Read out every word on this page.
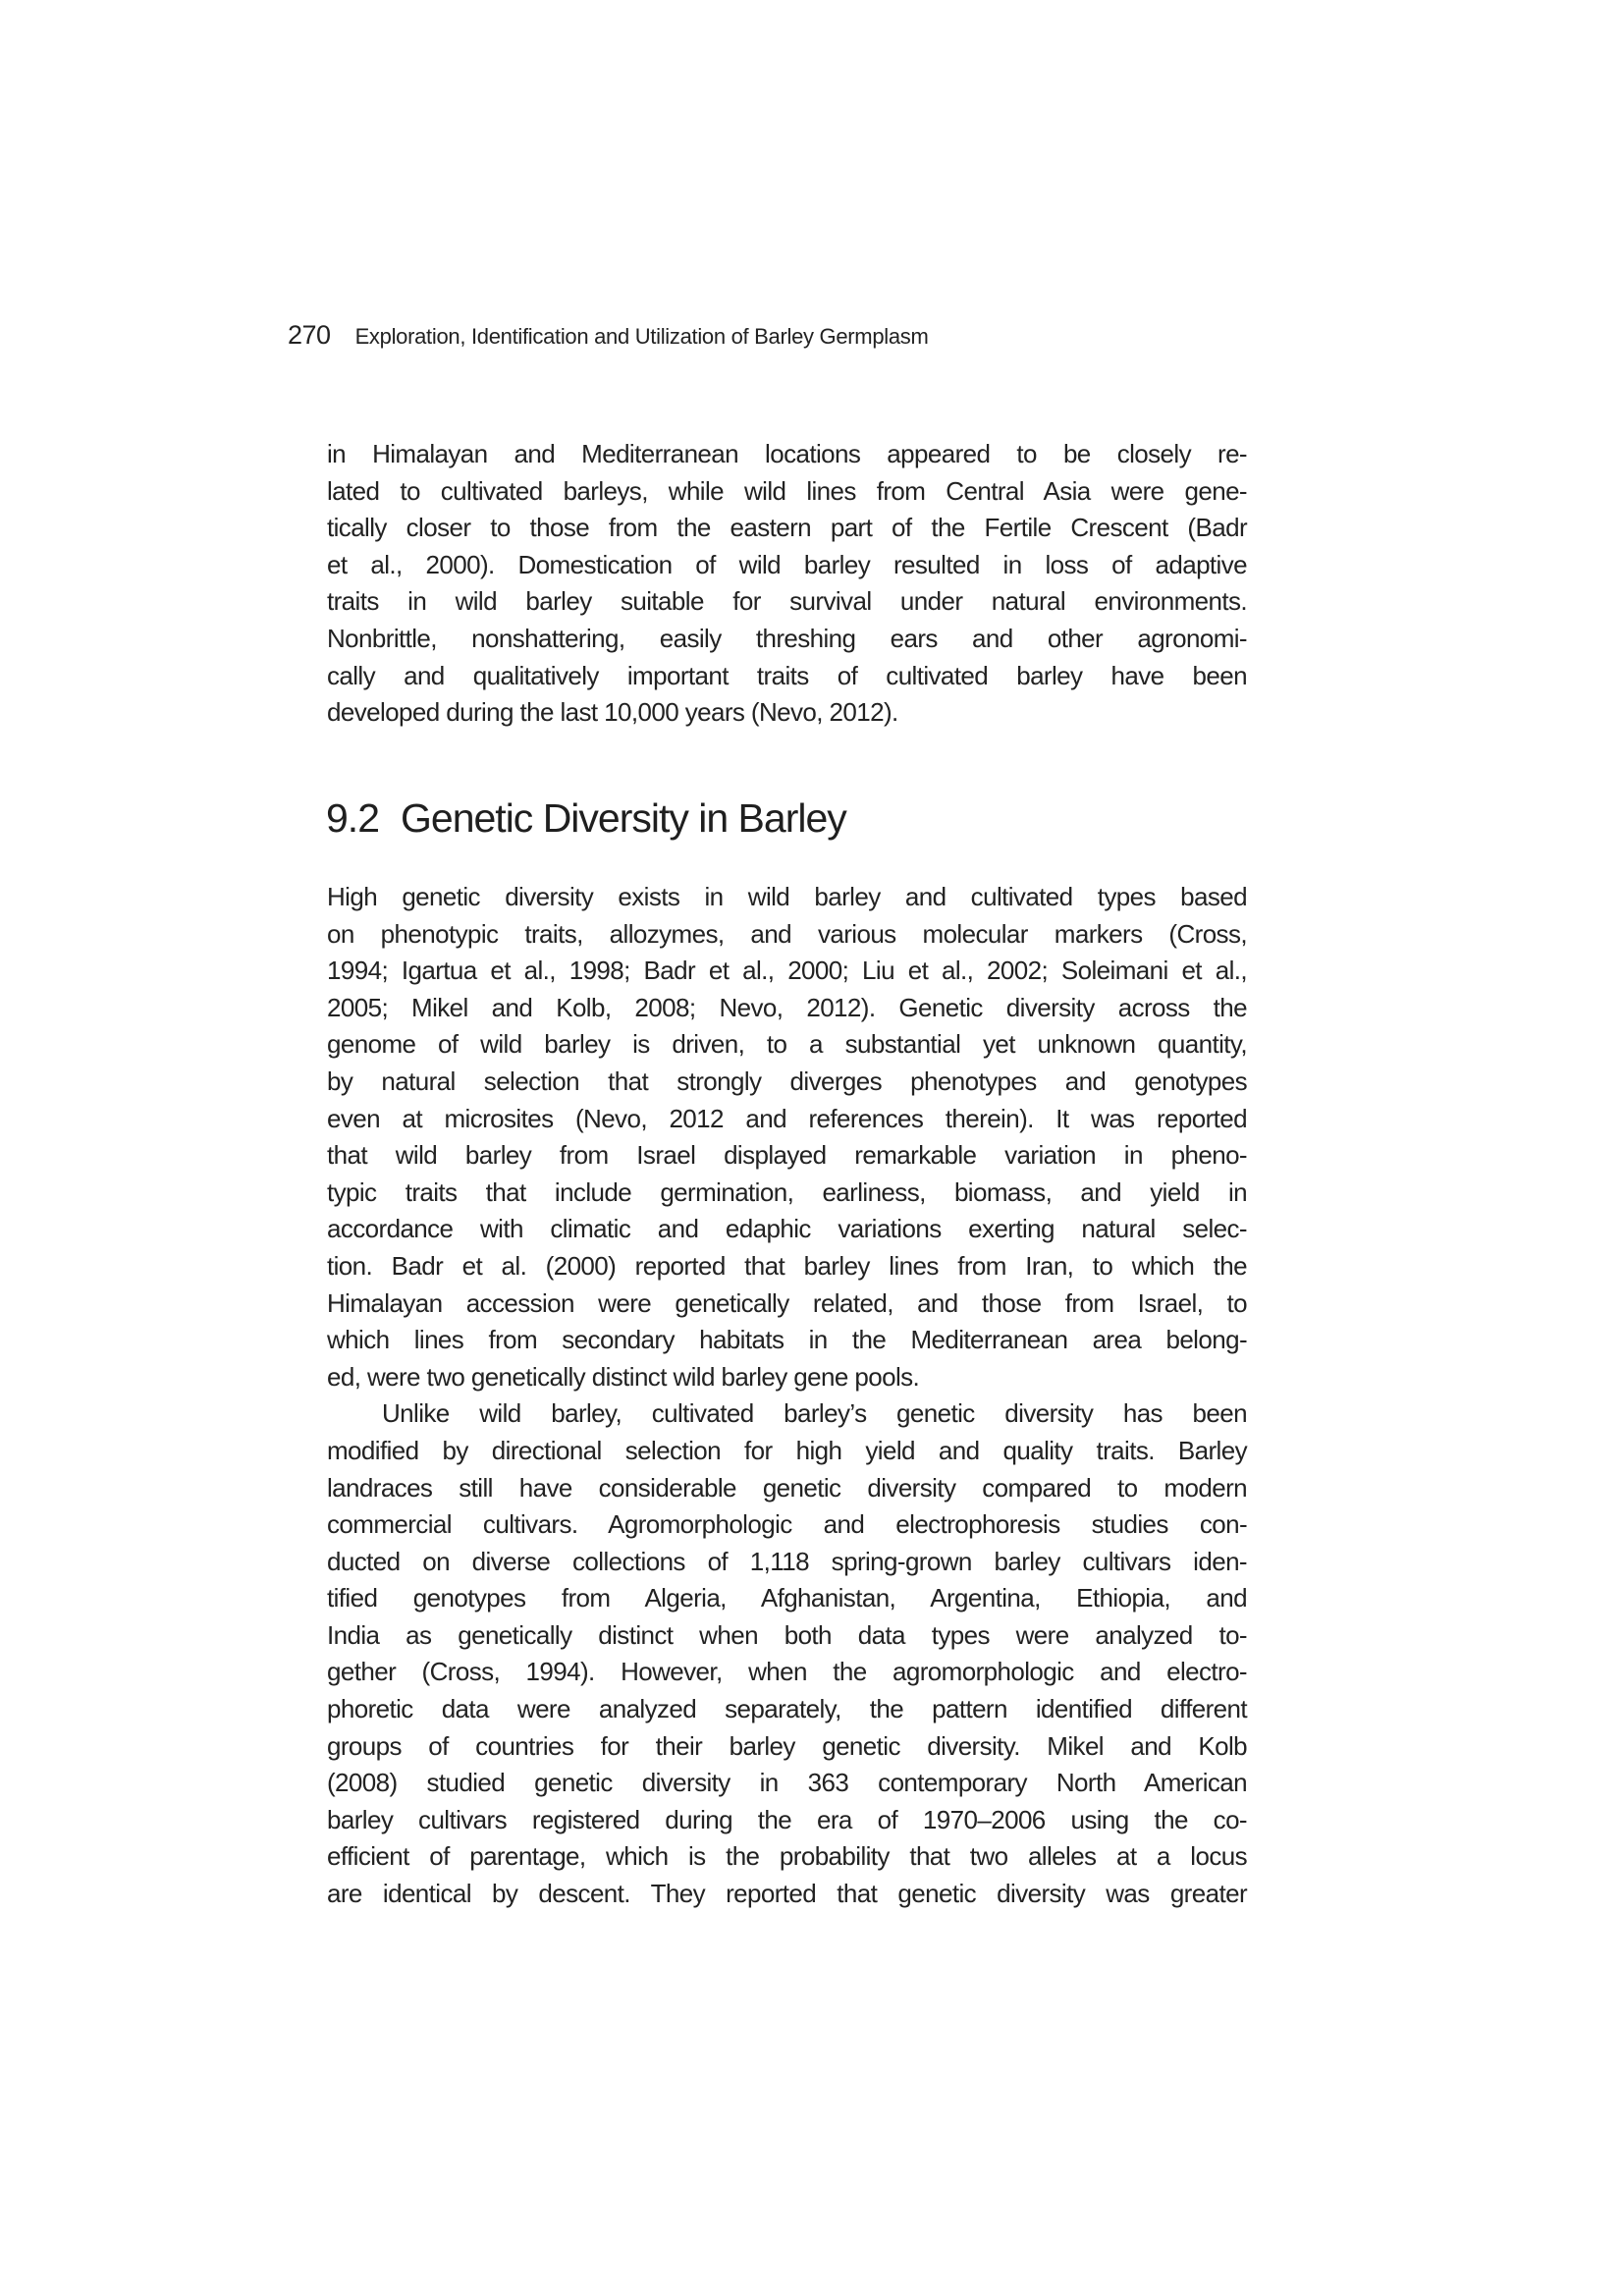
270 Exploration, Identification and Utilization of Barley Germplasm
in Himalayan and Mediterranean locations appeared to be closely re-
lated to cultivated barleys, while wild lines from Central Asia were gene-
tically closer to those from the eastern part of the Fertile Crescent (Badr
et al., 2000). Domestication of wild barley resulted in loss of adaptive
traits in wild barley suitable for survival under natural environments.
Nonbrittle, nonshattering, easily threshing ears and other agronomi-
cally and qualitatively important traits of cultivated barley have been
developed during the last 10,000 years (Nevo, 2012).
9.2 Genetic Diversity in Barley
High genetic diversity exists in wild barley and cultivated types based
on phenotypic traits, allozymes, and various molecular markers (Cross,
1994; Igartua et al., 1998; Badr et al., 2000; Liu et al., 2002; Soleimani et al.,
2005; Mikel and Kolb, 2008; Nevo, 2012). Genetic diversity across the
genome of wild barley is driven, to a substantial yet unknown quantity,
by natural selection that strongly diverges phenotypes and genotypes
even at microsites (Nevo, 2012 and references therein). It was reported
that wild barley from Israel displayed remarkable variation in pheno-
typic traits that include germination, earliness, biomass, and yield in
accordance with climatic and edaphic variations exerting natural selec-
tion. Badr et al. (2000) reported that barley lines from Iran, to which the
Himalayan accession were genetically related, and those from Israel, to
which lines from secondary habitats in the Mediterranean area belong-
ed, were two genetically distinct wild barley gene pools.
Unlike wild barley, cultivated barley’s genetic diversity has been
modified by directional selection for high yield and quality traits. Barley
landraces still have considerable genetic diversity compared to modern
commercial cultivars. Agromorphologic and electrophoresis studies con-
ducted on diverse collections of 1,118 spring-grown barley cultivars iden-
tified genotypes from Algeria, Afghanistan, Argentina, Ethiopia, and
India as genetically distinct when both data types were analyzed to-
gether (Cross, 1994). However, when the agromorphologic and electro-
phoretic data were analyzed separately, the pattern identified different
groups of countries for their barley genetic diversity. Mikel and Kolb
(2008) studied genetic diversity in 363 contemporary North American
barley cultivars registered during the era of 1970–2006 using the co-
efficient of parentage, which is the probability that two alleles at a locus
are identical by descent. They reported that genetic diversity was greater
